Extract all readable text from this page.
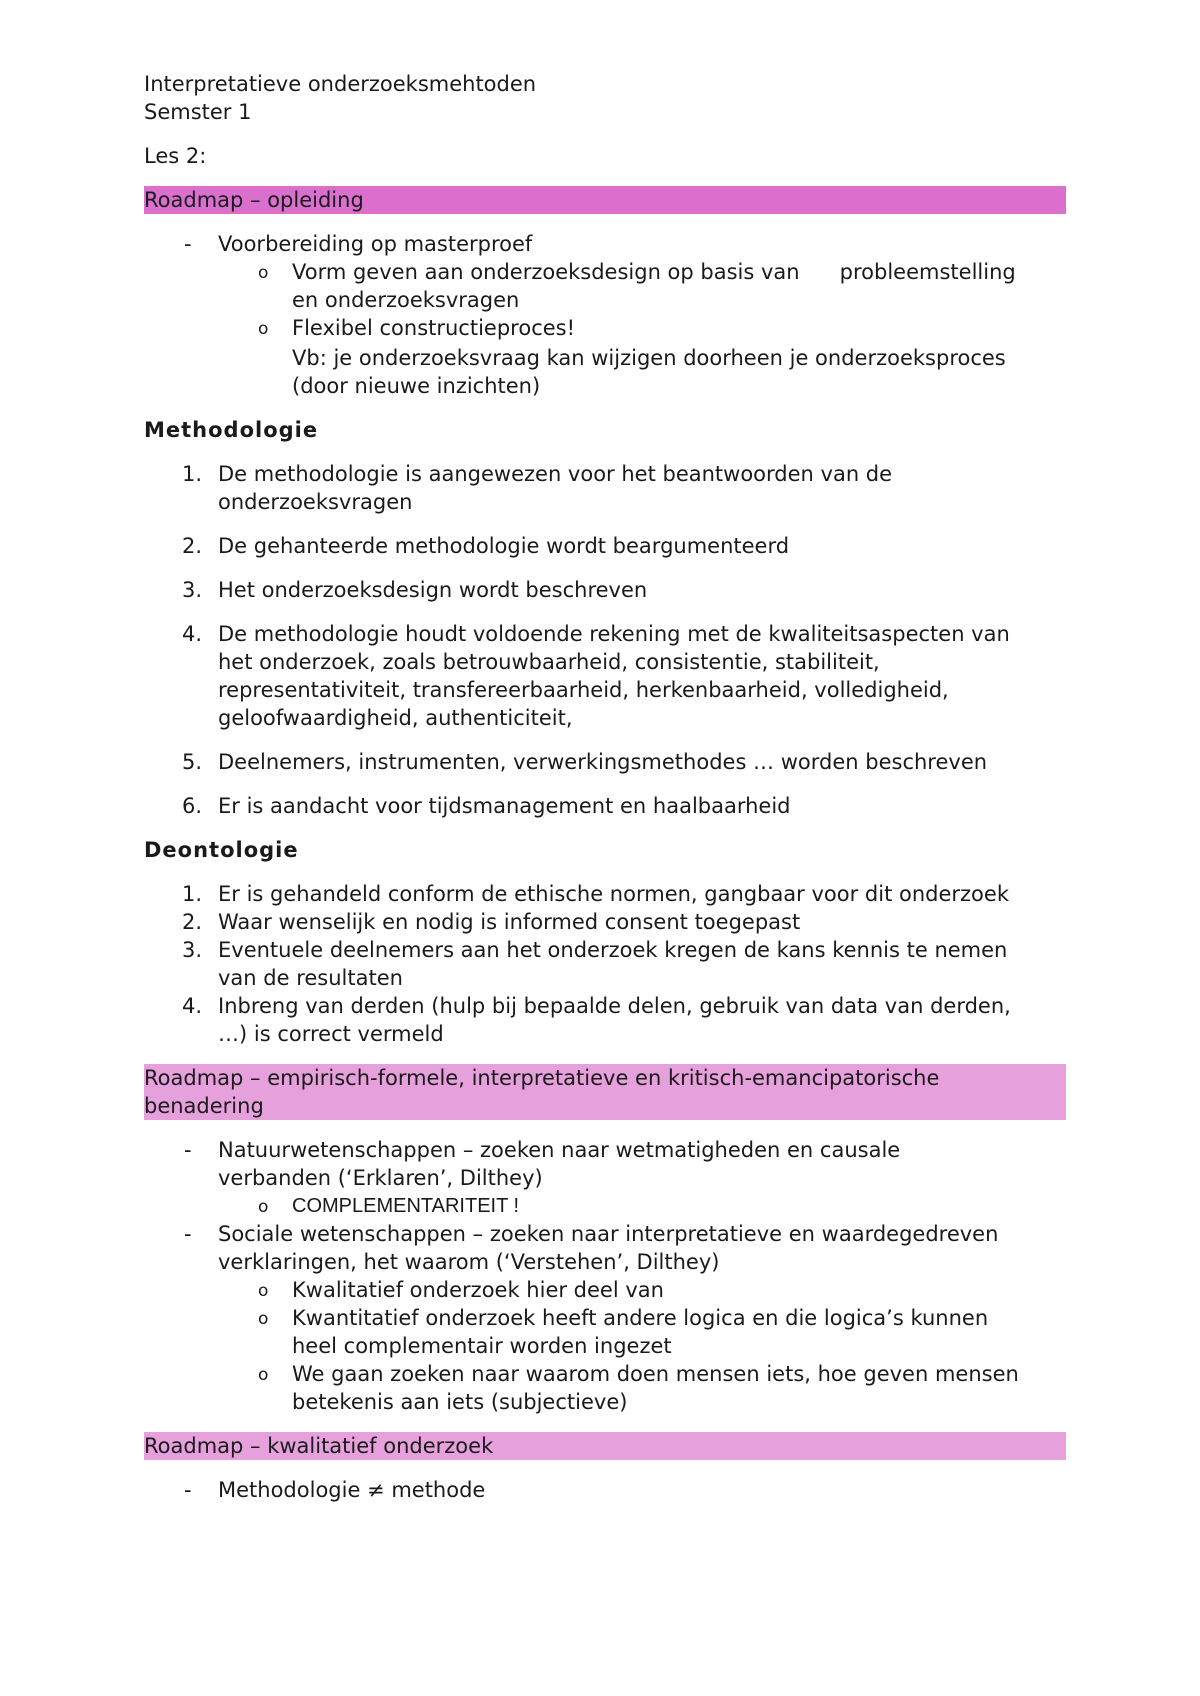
Interpretatieve onderzoeksmehtoden

Semster 1

Les 2:

Roadmap – opleiding

- Voorbereiding op masterproef
o Vorm geven aan onderzoeksdesign op basis van      probleemstelling
en onderzoeksvragen
o Flexibel constructieproces!
Vb: je onderzoeksvraag kan wijzigen doorheen je onderzoeksproces
(door nieuwe inzichten)

Methodologie

1. De methodologie is aangewezen voor het beantwoorden van de
onderzoeksvragen
2. De gehanteerde methodologie wordt beargumenteerd
3. Het onderzoeksdesign wordt beschreven
4. De methodologie houdt voldoende rekening met de kwaliteitsaspecten van
het onderzoek, zoals betrouwbaarheid, consistentie, stabiliteit,
representativiteit, transfereerbaarheid, herkenbaarheid, volledigheid,
geloofwaardigheid, authenticiteit,
5. Deelnemers, instrumenten, verwerkingsmethodes … worden beschreven
6. Er is aandacht voor tijdsmanagement en haalbaarheid

Deontologie

1. Er is gehandeld conform de ethische normen, gangbaar voor dit onderzoek
2. Waar wenselijk en nodig is informed consent toegepast
3. Eventuele deelnemers aan het onderzoek kregen de kans kennis te nemen
van de resultaten
4. Inbreng van derden (hulp bij bepaalde delen, gebruik van data van derden,
…) is correct vermeld
Roadmap – empirisch-formele, interpretatieve en kritisch-emancipatorische
benadering
- Natuurwetenschappen – zoeken naar wetmatigheden en causale
verbanden (‘Erklaren’, Dilthey)
o COMPLEMENTARITEIT !
- Sociale wetenschappen – zoeken naar interpretatieve en waardegedreven
verklaringen, het waarom (‘Verstehen’, Dilthey)
o Kwalitatief onderzoek hier deel van
o Kwantitatief onderzoek heeft andere logica en die logica’s kunnen
heel complementair worden ingezet
o We gaan zoeken naar waarom doen mensen iets, hoe geven mensen
betekenis aan iets (subjectieve)

Roadmap – kwalitatief onderzoek

- Methodologie ≠ methode
